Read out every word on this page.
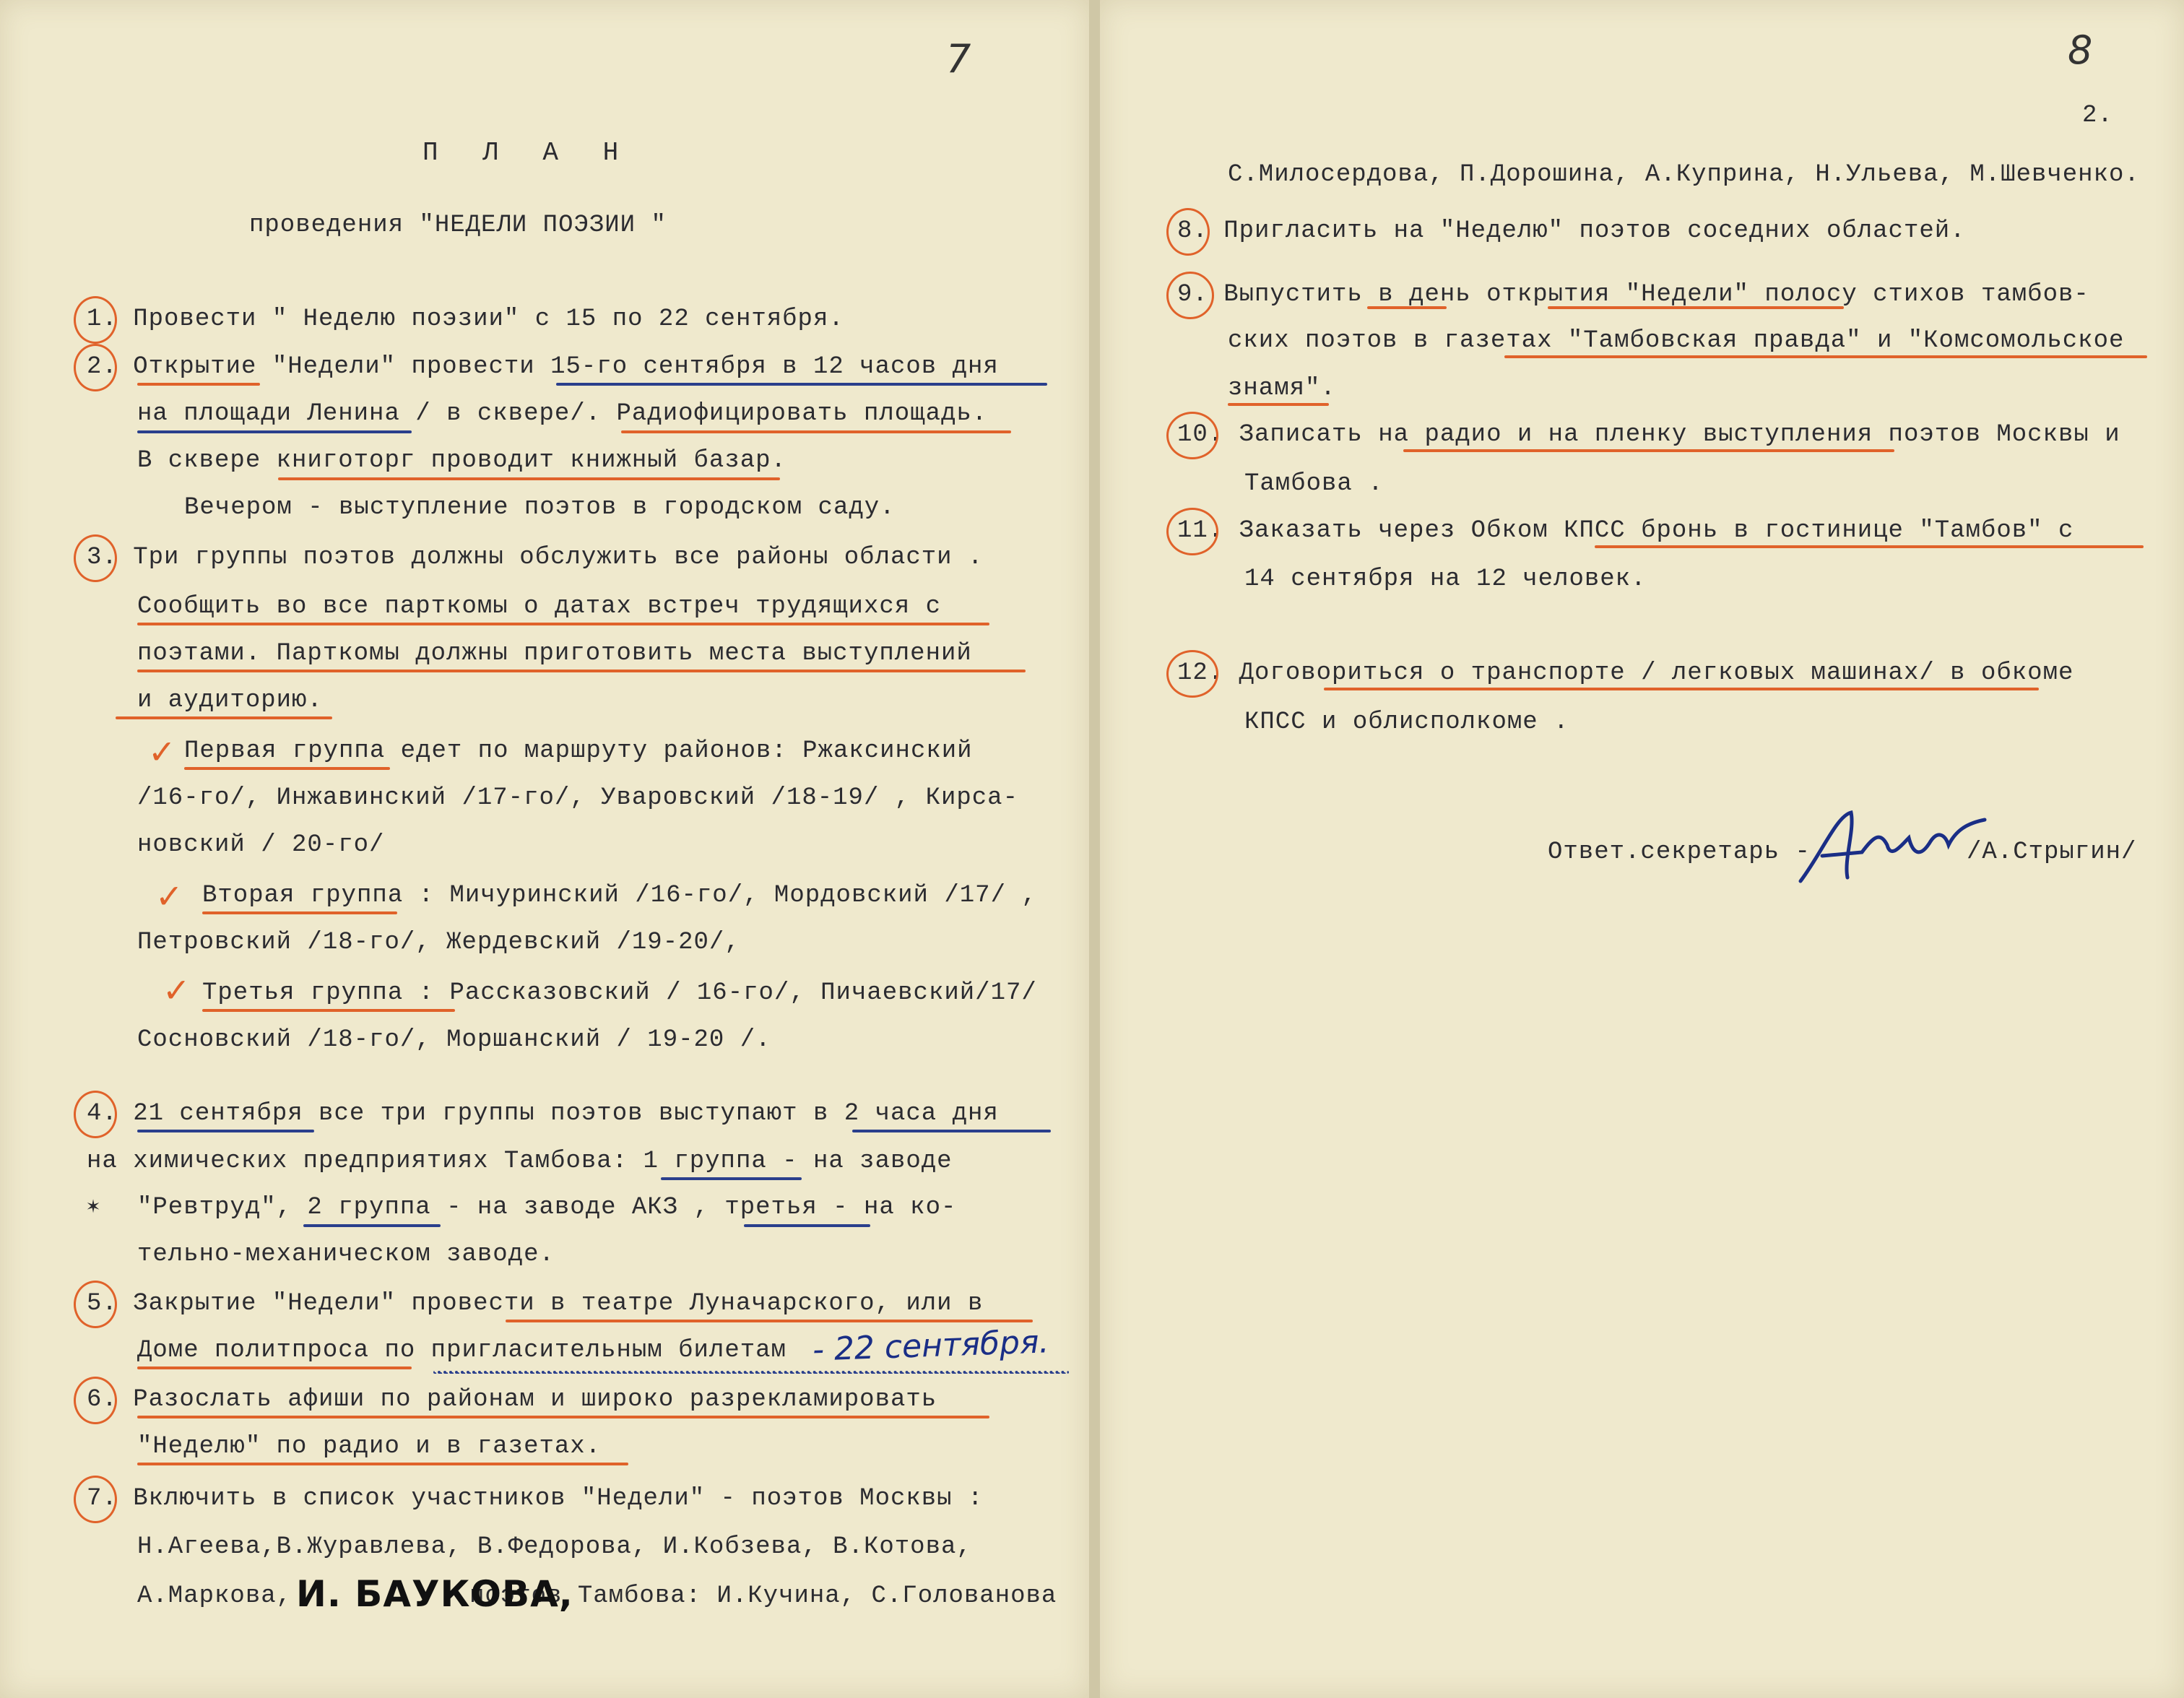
7
П Л А Н
проведения "НЕДЕЛИ ПОЭЗИИ "
1. Провести " Неделю поэзии" с 15 по 22 сентября.
2. Открытие "Недели" провести 15-го сентября в 12 часов дня
на площади Ленина / в сквере/. Радиофицировать площадь.
В сквере книготорг проводит книжный базар.
Вечером - выступление поэтов в городском саду.
3. Три группы поэтов должны обслужить все районы области .
Сообщить во все парткомы о датах встреч трудящихся с
поэтами. Парткомы должны приготовить места выступлений
и аудиторию.
Первая группа едет по маршруту районов: Ржаксинский
/16-го/, Инжавинский /17-го/, Уваровский /18-19/ , Кирса-
новский / 20-го/
Вторая группа : Мичуринский /16-го/, Мордовский /17/ ,
Петровский /18-го/, Жердевский /19-20/,
Третья группа : Рассказовский / 16-го/, Пичаевский/17/
Сосновский /18-го/, Моршанский / 19-20 /.
4. 21 сентября все три группы поэтов выступают в 2 часа дня
на химических предприятиях Тамбова: 1 группа - на заводе
"Ревтруд", 2 группа - на заводе АКЗ , третья - на ко-
тельно-механическом заводе.
5. Закрытие "Недели" провести в театре Луначарского, или в
Доме политпроса по пригласительным билетам
6. Разослать афиши по районам и широко разрекламировать
"Неделю" по радио и в газетах.
7. Включить в список участников "Недели" - поэтов Москвы :
Н.Агеева,В.Журавлева, В.Федорова, И.Кобзева, В.Котова,
А.Маркова,	поэтов Тамбова: И.Кучина, С.Голованова
- 22 сентября.
И. БАУКОВА,
✓
✓
✓
✶
8
2.
С.Милосердова, П.Дорошина, А.Куприна, Н.Ульева, М.Шевченко.
8. Пригласить на "Неделю" поэтов соседних областей.
9. Выпустить в день открытия "Недели" полосу стихов тамбов-
ских поэтов в газетах "Тамбовская правда" и "Комсомольское
знамя".
10. Записать на радио и на пленку выступления поэтов Москвы и
Тамбова .
11. Заказать через Обком КПСС бронь в гостинице "Тамбов" с
14 сентября на 12 человек.
12. Договориться о транспорте / легковых машинах/ в обкоме
КПСС и облисполкоме .
Ответ.секретарь -	/А.Стрыгин/
